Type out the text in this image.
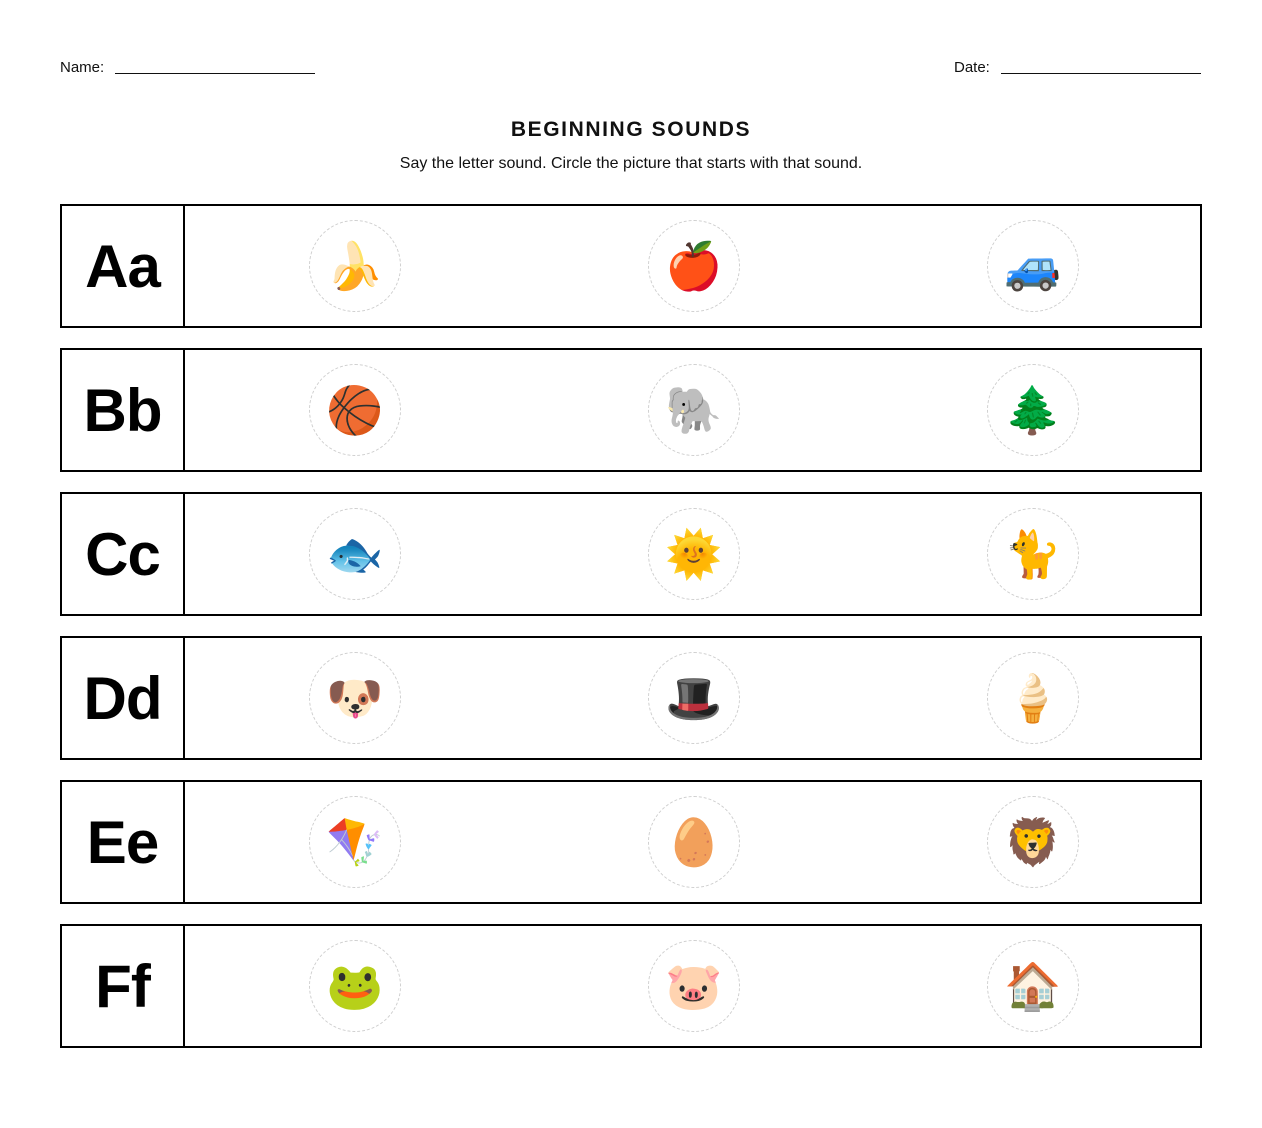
Name:	Date:
BEGINNING SOUNDS

Say the letter sound. Circle the picture that starts with that sound.

Aa	🍌	🍎	🚙
Bb	🏀	🐘	🌲
Cc	🐟	🌞	🐈
Dd	🐶	🎩	🍦
Ee	🪁	🥚	🦁
Ff	🐸	🐷	🏠
